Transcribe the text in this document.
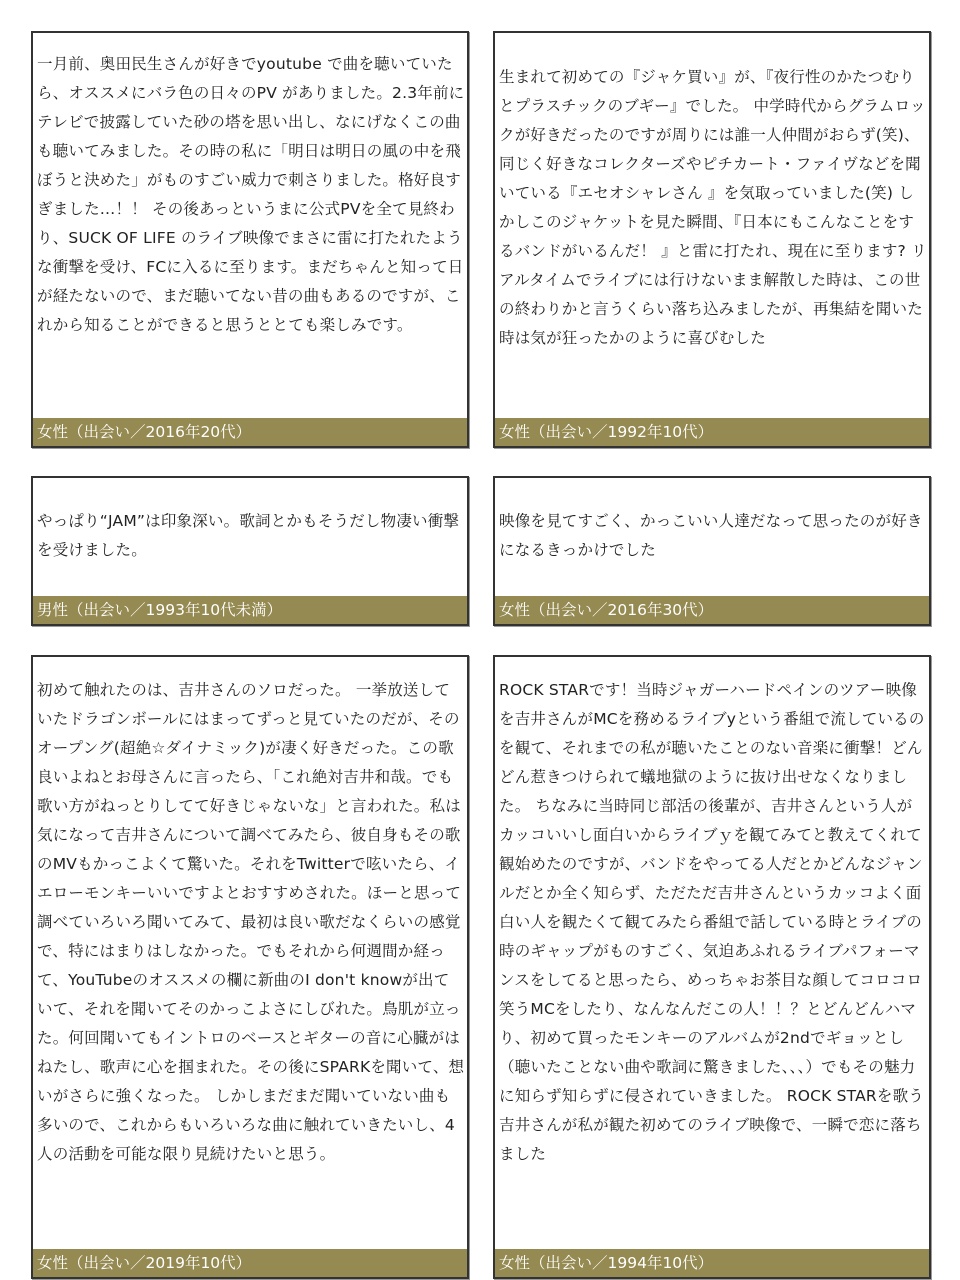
一月前、奥田民生さんが好きでyoutube で曲を聴いていたら、オススメにバラ色の日々のPV がありました。2.3年前にテレビで披露していた砂の塔を思い出し、なにげなくこの曲も聴いてみました。その時の私に「明日は明日の風の中を飛ぼうと決めた」がものすごい威力で刺さりました。格好良すぎました…！！ その後あっというまに公式PVを全て見終わり、SUCK OF LIFE のライブ映像でまさに雷に打たれたような衝撃を受け、FCに入るに至ります。まだちゃんと知って日が経たないので、まだ聴いてない昔の曲もあるのですが、これから知ることができると思うととても楽しみです。
女性（出会い／2016年20代）
生まれて初めての『ジャケ買い』が、『夜行性のかたつむりとプラスチックのブギー』でした。 中学時代からグラムロックが好きだったのですが周りには誰一人仲間がおらず(笑)、同じく好きなコレクターズやピチカート・ファイヴなどを聞いている『エセオシャレさん 』を気取っていました(笑) しかしこのジャケットを見た瞬間、『日本にもこんなことをするバンドがいるんだ！ 』と雷に打たれ、現在に至ります? リアルタイムでライブには行けないまま解散した時は、この世の終わりかと言うくらい落ち込みましたが、再集結を聞いた時は気が狂ったかのように喜びむした
女性（出会い／1992年10代）
やっぱり“JAM”は印象深い。歌詞とかもそうだし物凄い衝撃を受けました。
男性（出会い／1993年10代未満）
映像を見てすごく、かっこいい人達だなって思ったのが好きになるきっかけでした
女性（出会い／2016年30代）
初めて触れたのは、吉井さんのソロだった。 一挙放送していたドラゴンボールにはまってずっと見ていたのだが、そのオープング(超絶☆ダイナミック)が凄く好きだった。この歌良いよねとお母さんに言ったら、「これ絶対吉井和哉。でも歌い方がねっとりしてて好きじゃないな」と言われた。私は気になって吉井さんについて調べてみたら、彼自身もその歌のMVもかっこよくて驚いた。それをTwitterで呟いたら、イエローモンキーいいですよとおすすめされた。ほーと思って調べていろいろ聞いてみて、最初は良い歌だなくらいの感覚で、特にはまりはしなかった。でもそれから何週間か経って、YouTubeのオススメの欄に新曲のI don't knowが出ていて、それを聞いてそのかっこよさにしびれた。鳥肌が立った。何回聞いてもイントロのベースとギターの音に心臓がはねたし、歌声に心を掴まれた。その後にSPARKを聞いて、想いがさらに強くなった。 しかしまだまだ聞いていない曲も多いので、これからもいろいろな曲に触れていきたいし、4人の活動を可能な限り見続けたいと思う。
女性（出会い／2019年10代）
ROCK STARです！当時ジャガーハードペインのツアー映像を吉井さんがMCを務めるライブyという番組で流しているのを観て、それまでの私が聴いたことのない音楽に衝撃！どんどん惹きつけられて蟻地獄のように抜け出せなくなりました。 ちなみに当時同じ部活の後輩が、吉井さんという人がカッコいいし面白いからライブｙを観てみてと教えてくれて観始めたのですが、バンドをやってる人だとかどんなジャンルだとか全く知らず、ただただ吉井さんというカッコよく面白い人を観たくて観てみたら番組で話している時とライブの時のギャップがものすごく、気迫あふれるライブパフォーマンスをしてると思ったら、めっちゃお茶目な顔してコロコロ笑うMCをしたり、なんなんだこの人！！？とどんどんハマり、初めて買ったモンキーのアルバムが2ndでギョッとし（聴いたことない曲や歌詞に驚きました、、、）でもその魅力に知らず知らずに侵されていきました。 ROCK STARを歌う吉井さんが私が観た初めてのライブ映像で、一瞬で恋に落ちました
女性（出会い／1994年10代）
